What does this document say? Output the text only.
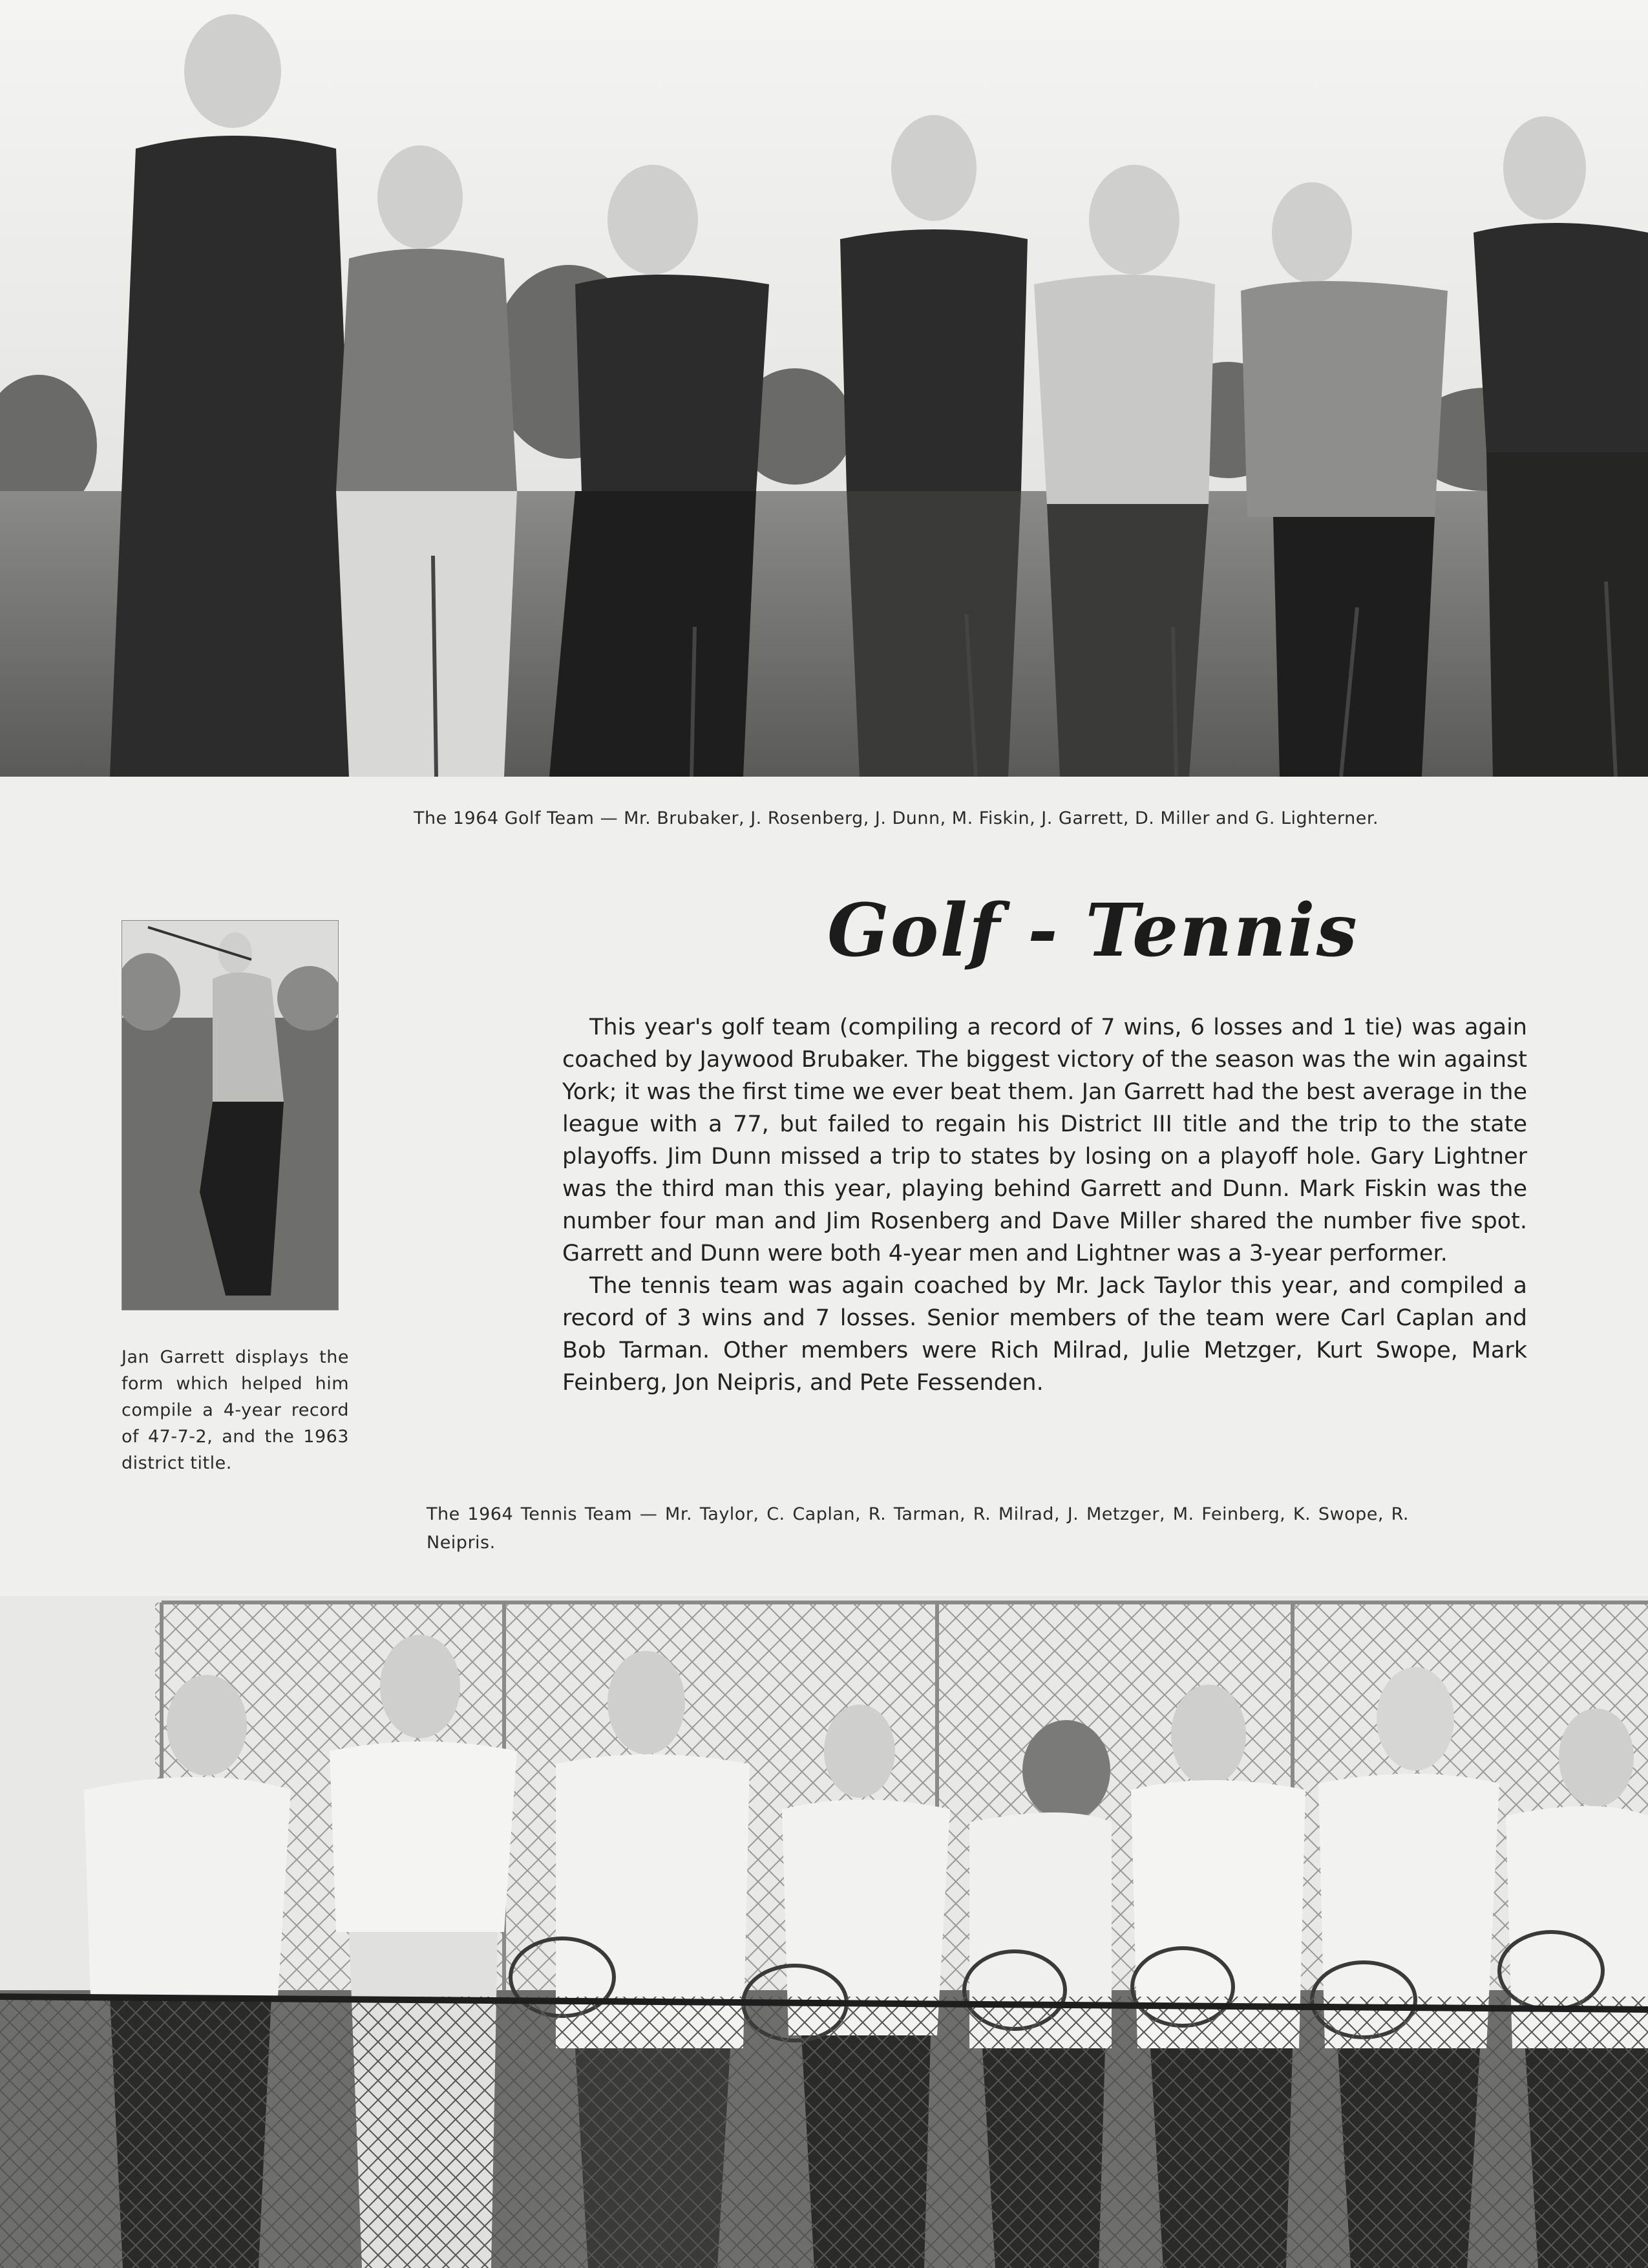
The 1964 Golf Team — Mr. Brubaker, J. Rosenberg, J. Dunn, M. Fiskin, J. Garrett, D. Miller and G. Lighterner.
Jan Garrett displays the form which helped him compile a 4-year record of 47-7-2, and the 1963 district title.
Golf - Tennis

This year's golf team (compiling a record of 7 wins, 6 losses and 1 tie) was again coached by Jaywood Brubaker. The biggest victory of the season was the win against York; it was the first time we ever beat them. Jan Garrett had the best average in the league with a 77, but failed to regain his District III title and the trip to the state playoffs. Jim Dunn missed a trip to states by losing on a playoff hole. Gary Lightner was the third man this year, playing behind Garrett and Dunn. Mark Fiskin was the number four man and Jim Rosenberg and Dave Miller shared the number five spot. Garrett and Dunn were both 4-year men and Lightner was a 3-year performer.

The tennis team was again coached by Mr. Jack Taylor this year, and compiled a record of 3 wins and 7 losses. Senior members of the team were Carl Caplan and Bob Tarman. Other members were Rich Milrad, Julie Metzger, Kurt Swope, Mark Feinberg, Jon Neipris, and Pete Fessenden.

The 1964 Tennis Team — Mr. Taylor, C. Caplan, R. Tarman, R. Milrad, J. Metzger, M. Feinberg, K. Swope, R. Neipris.
